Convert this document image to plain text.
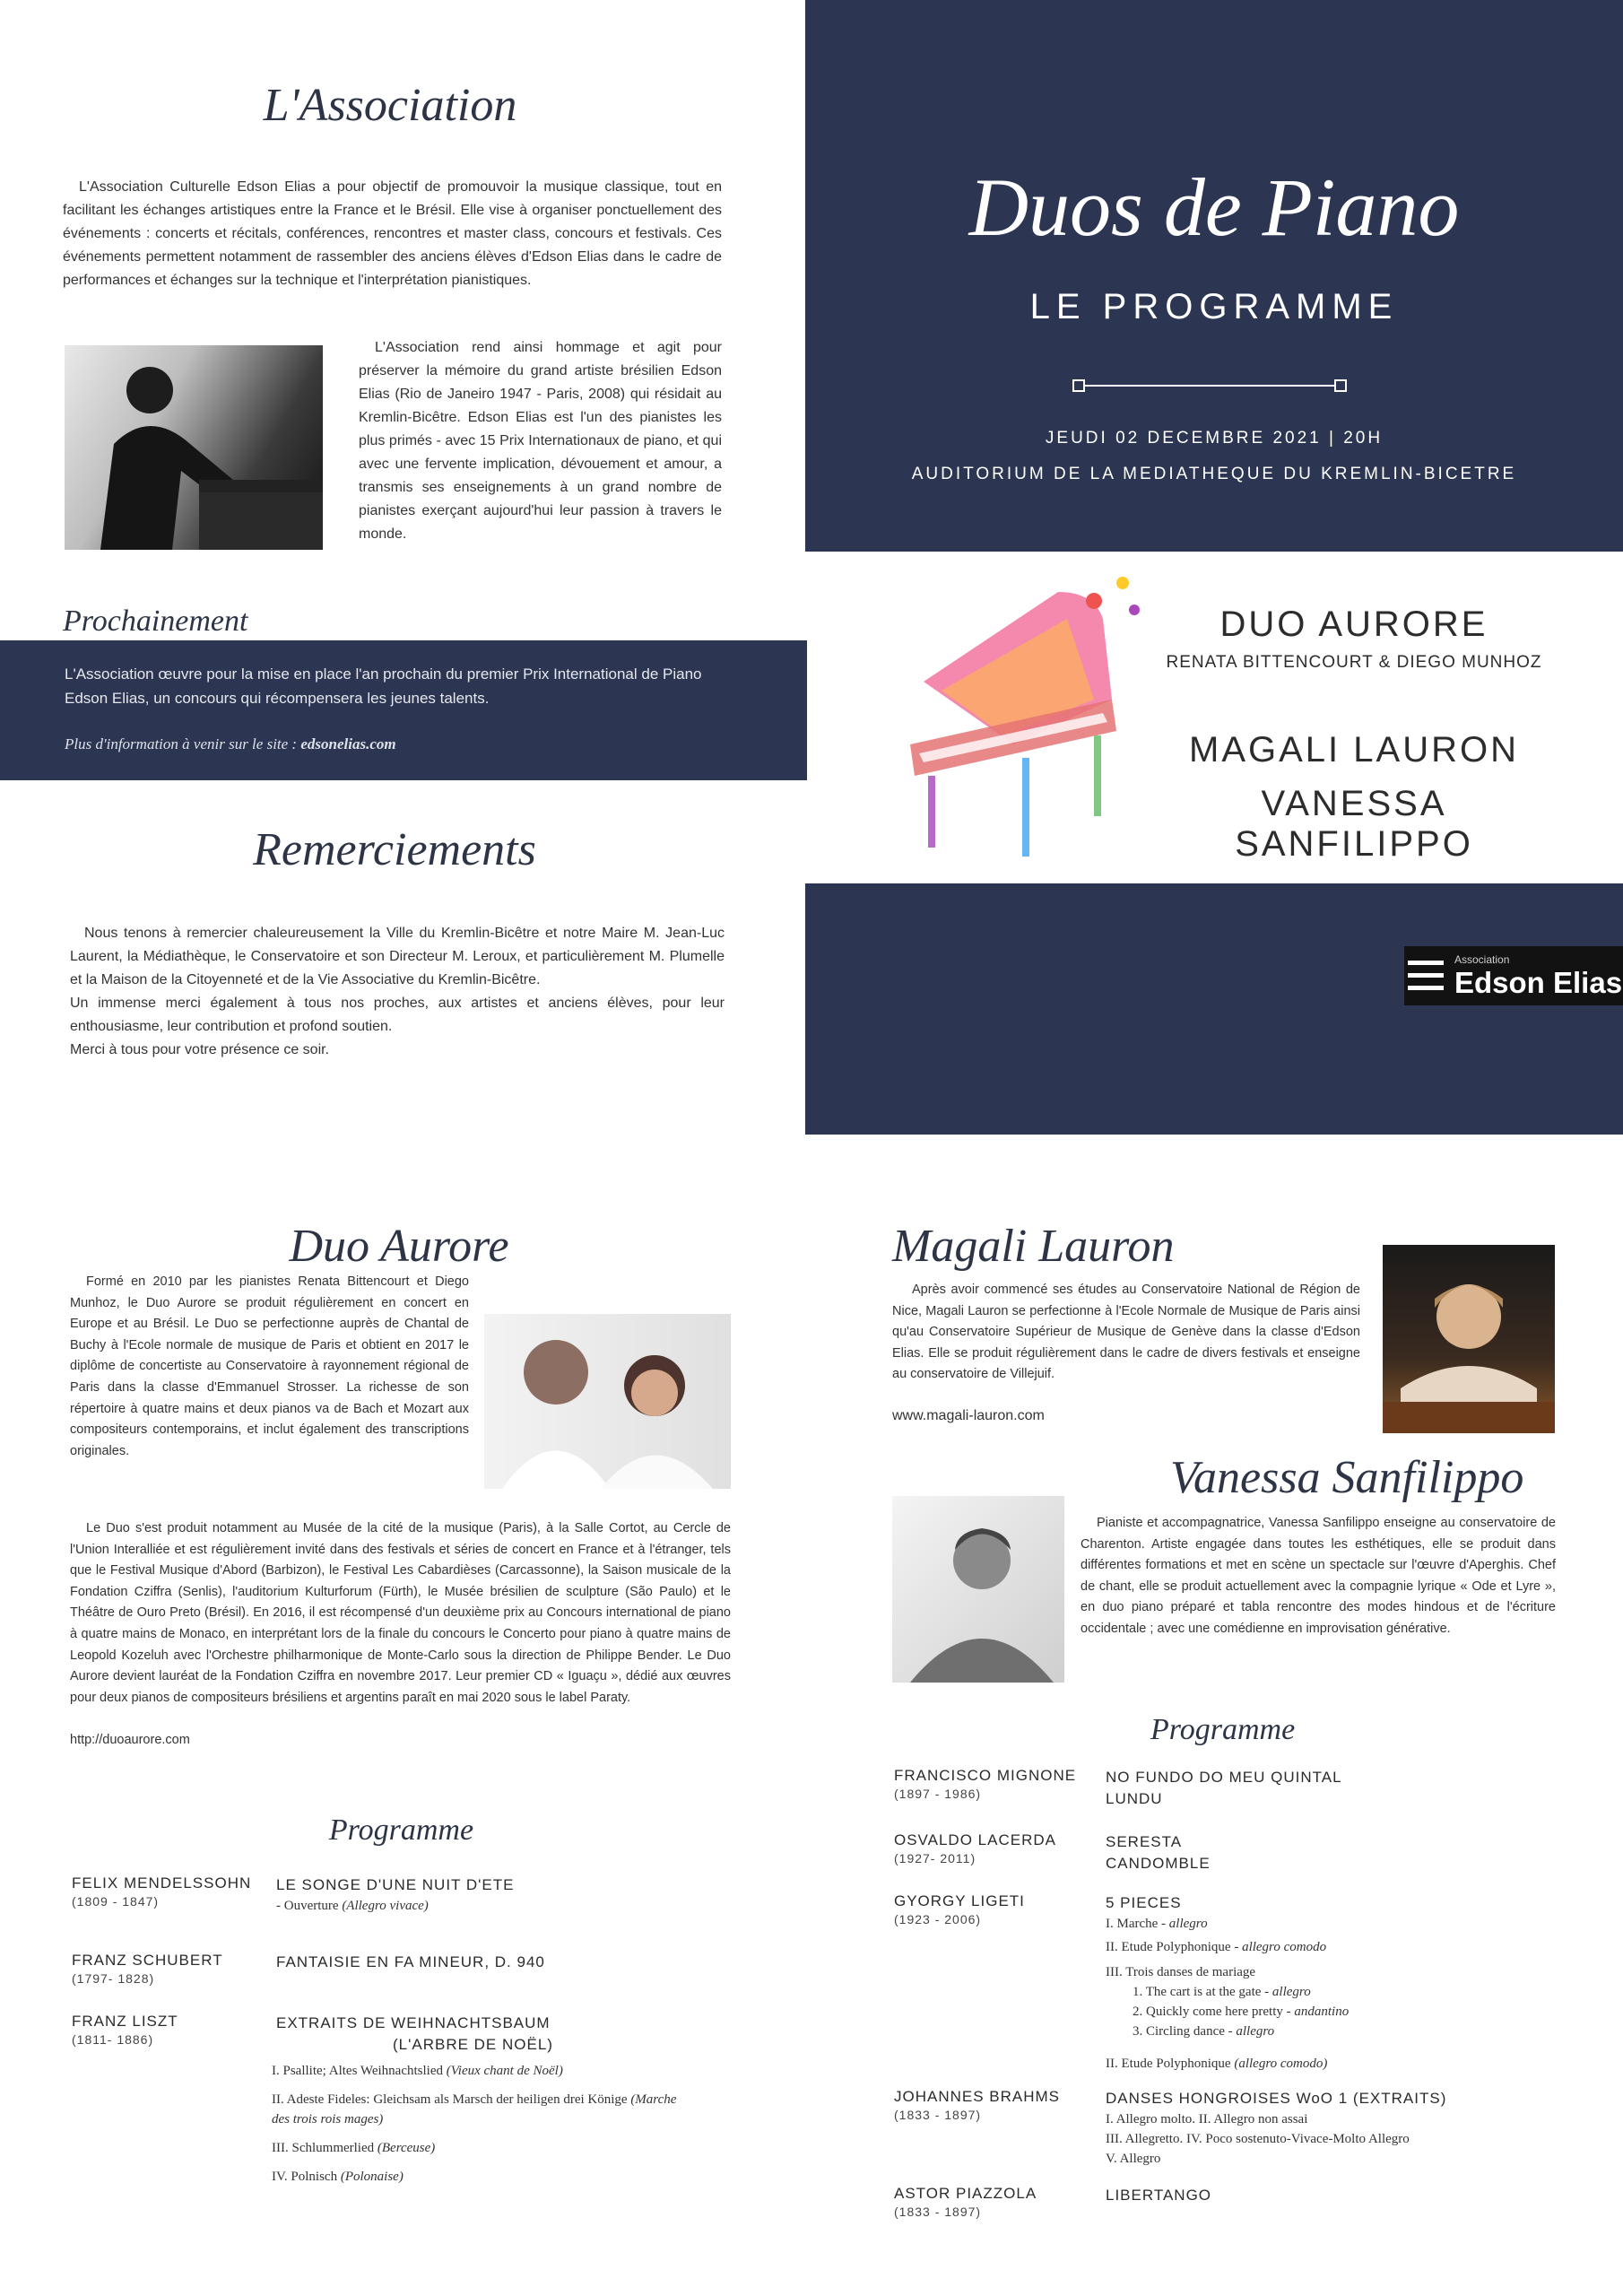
L'Association
L'Association Culturelle Edson Elias a pour objectif de promouvoir la musique classique, tout en facilitant les échanges artistiques entre la France et le Brésil. Elle vise à organiser ponctuellement des événements : concerts et récitals, conférences, rencontres et master class, concours et festivals. Ces événements permettent notamment de rassembler des anciens élèves d'Edson Elias dans le cadre de performances et échanges sur la technique et l'interprétation pianistiques.
L'Association rend ainsi hommage et agit pour préserver la mémoire du grand artiste brésilien Edson Elias (Rio de Janeiro 1947 - Paris, 2008) qui résidait au Kremlin-Bicêtre. Edson Elias est l'un des pianistes les plus primés - avec 15 Prix Internationaux de piano, et qui avec une fervente implication, dévouement et amour, a transmis ses enseignements à un grand nombre de pianistes exerçant aujourd'hui leur passion à travers le monde.
Prochainement
L'Association œuvre pour la mise en place l'an prochain du premier Prix International de Piano Edson Elias, un concours qui récompensera les jeunes talents.
Plus d'information à venir sur le site : edsonelias.com
Remerciements
Nous tenons à remercier chaleureusement la Ville du Kremlin-Bicêtre et notre Maire M. Jean-Luc Laurent, la Médiathèque, le Conservatoire et son Directeur M. Leroux, et particulièrement M. Plumelle et la Maison de la Citoyenneté et de la Vie Associative du Kremlin-Bicêtre.
Un immense merci également à tous nos proches, aux artistes et anciens élèves, pour leur enthousiasme, leur contribution et profond soutien.
Merci à tous pour votre présence ce soir.
Duos de Piano
LE PROGRAMME
JEUDI 02 DECEMBRE 2021 | 20H
AUDITORIUM DE LA MEDIATHEQUE DU KREMLIN-BICETRE
DUO AURORE
RENATA BITTENCOURT & DIEGO MUNHOZ
MAGALI LAURON
VANESSA SANFILIPPO
Association
Edson Elias
Duo Aurore
Formé en 2010 par les pianistes Renata Bittencourt et Diego Munhoz, le Duo Aurore se produit régulièrement en concert en Europe et au Brésil. Le Duo se perfectionne auprès de Chantal de Buchy à l'Ecole normale de musique de Paris et obtient en 2017 le diplôme de concertiste au Conservatoire à rayonnement régional de Paris dans la classe d'Emmanuel Strosser. La richesse de son répertoire à quatre mains et deux pianos va de Bach et Mozart aux compositeurs contemporains, et inclut également des transcriptions originales.
Le Duo s'est produit notamment au Musée de la cité de la musique (Paris), à la Salle Cortot, au Cercle de l'Union Interalliée et est régulièrement invité dans des festivals et séries de concert en France et à l'étranger, tels que le Festival Musique d'Abord (Barbizon), le Festival Les Cabardièses (Carcassonne), la Saison musicale de la Fondation Cziffra (Senlis), l'auditorium Kulturforum (Fürth), le Musée brésilien de sculpture (São Paulo) et le Théâtre de Ouro Preto (Brésil). En 2016, il est récompensé d'un deuxième prix au Concours international de piano à quatre mains de Monaco, en interprétant lors de la finale du concours le Concerto pour piano à quatre mains de Leopold Kozeluh avec l'Orchestre philharmonique de Monte-Carlo sous la direction de Philippe Bender. Le Duo Aurore devient lauréat de la Fondation Cziffra en novembre 2017. Leur premier CD « Iguaçu », dédié aux œuvres pour deux pianos de compositeurs brésiliens et argentins paraît en mai 2020 sous le label Paraty.
http://duoaurore.com
Programme
FELIX MENDELSSOHN
(1809 - 1847)
LE SONGE D'UNE NUIT D'ETE
- Ouverture (Allegro vivace)
FRANZ SCHUBERT
(1797- 1828)
FANTAISIE EN FA MINEUR, D. 940
FRANZ LISZT
(1811- 1886)
EXTRAITS DE WEIHNACHTSBAUM
(L'ARBRE DE NOËL)
I. Psallite; Altes Weihnachtslied (Vieux chant de Noël)
II. Adeste Fideles: Gleichsam als Marsch der heiligen drei Könige (Marche des trois rois mages)
III. Schlummerlied (Berceuse)
IV. Polnisch (Polonaise)
Magali Lauron
Après avoir commencé ses études au Conservatoire National de Région de Nice, Magali Lauron se perfectionne à l'Ecole Normale de Musique de Paris ainsi qu'au Conservatoire Supérieur de Musique de Genève dans la classe d'Edson Elias. Elle se produit régulièrement dans le cadre de divers festivals et enseigne au conservatoire de Villejuif.
www.magali-lauron.com
Vanessa Sanfilippo
Pianiste et accompagnatrice, Vanessa Sanfilippo enseigne au conservatoire de Charenton. Artiste engagée dans toutes les esthétiques, elle se produit dans différentes formations et met en scène un spectacle sur l'œuvre d'Aperghis. Chef de chant, elle se produit actuellement avec la compagnie lyrique « Ode et Lyre », en duo piano préparé et tabla rencontre des modes hindous et de l'écriture occidentale ; avec une comédienne en improvisation générative.
Programme
FRANCISCO MIGNONE
(1897 - 1986)
NO FUNDO DO MEU QUINTAL
LUNDU
OSVALDO LACERDA
(1927- 2011)
SERESTA
CANDOMBLE
GYORGY LIGETI
(1923 - 2006)
5 PIECES
I. Marche - allegro
II. Etude Polyphonique - allegro comodo
III. Trois danses de mariage
1. The cart is at the gate - allegro
2. Quickly come here pretty - andantino
3. Circling dance - allegro
II. Etude Polyphonique (allegro comodo)
JOHANNES BRAHMS
(1833 - 1897)
DANSES HONGROISES WoO 1 (EXTRAITS)
I. Allegro molto. II. Allegro non assai
III. Allegretto. IV. Poco sostenuto-Vivace-Molto Allegro
V. Allegro
ASTOR PIAZZOLA
(1833 - 1897)
LIBERTANGO
